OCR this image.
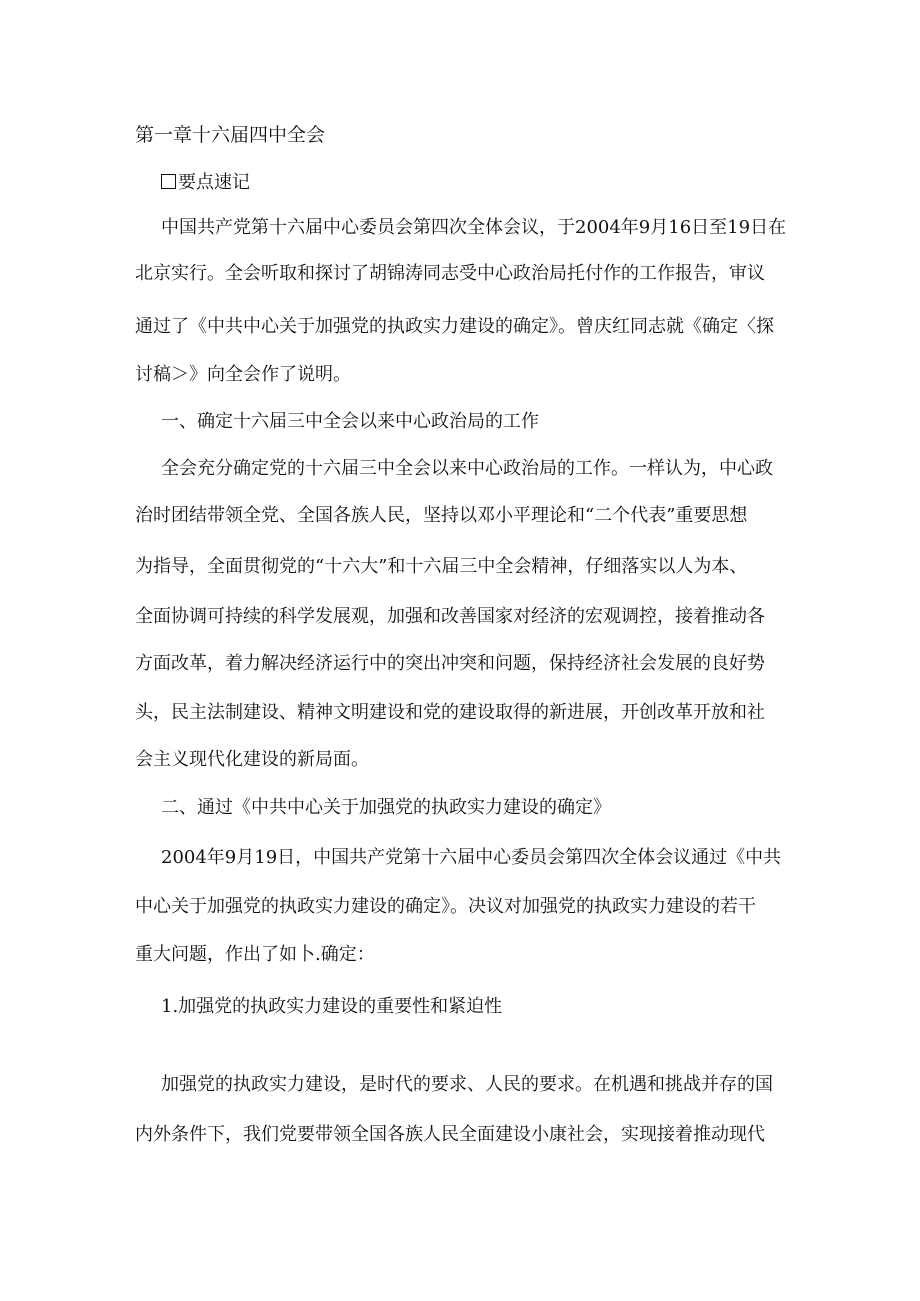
第一章十六届四中全会
要点速记
中国共产党第十六届中心委员会第四次全体会议，于2004年9月16日至19日在
北京实行。全会听取和探讨了胡锦涛同志受中心政治局托付作的工作报告，审议
通过了《中共中心关于加强党的执政实力建设的确定》。曾庆红同志就《确定〈探
讨稿＞》向全会作了说明。
一、确定十六届三中全会以来中心政治局的工作
全会充分确定党的十六届三中全会以来中心政治局的工作。一样认为，中心政
治时团结带领全党、全国各族人民，坚持以邓小平理论和“二个代表”重要思想
为指导，全面贯彻党的“十六大”和十六届三中全会精神，仔细落实以人为本、
全面协调可持续的科学发展观，加强和改善国家对经济的宏观调控，接着推动各
方面改革，着力解决经济运行中的突出冲突和问题，保持经济社会发展的良好势
头，民主法制建设、精神文明建设和党的建设取得的新进展，开创改革开放和社
会主义现代化建设的新局面。
二、通过《中共中心关于加强党的执政实力建设的确定》
2004年9月19日，中国共产党第十六届中心委员会第四次全体会议通过《中共
中心关于加强党的执政实力建设的确定》。决议对加强党的执政实力建设的若干
重大问题，作出了如卜.确定：
1.加强党的执政实力建设的重要性和紧迫性
加强党的执政实力建设，是时代的要求、人民的要求。在机遇和挑战并存的国
内外条件下，我们党要带领全国各族人民全面建设小康社会，实现接着推动现代
